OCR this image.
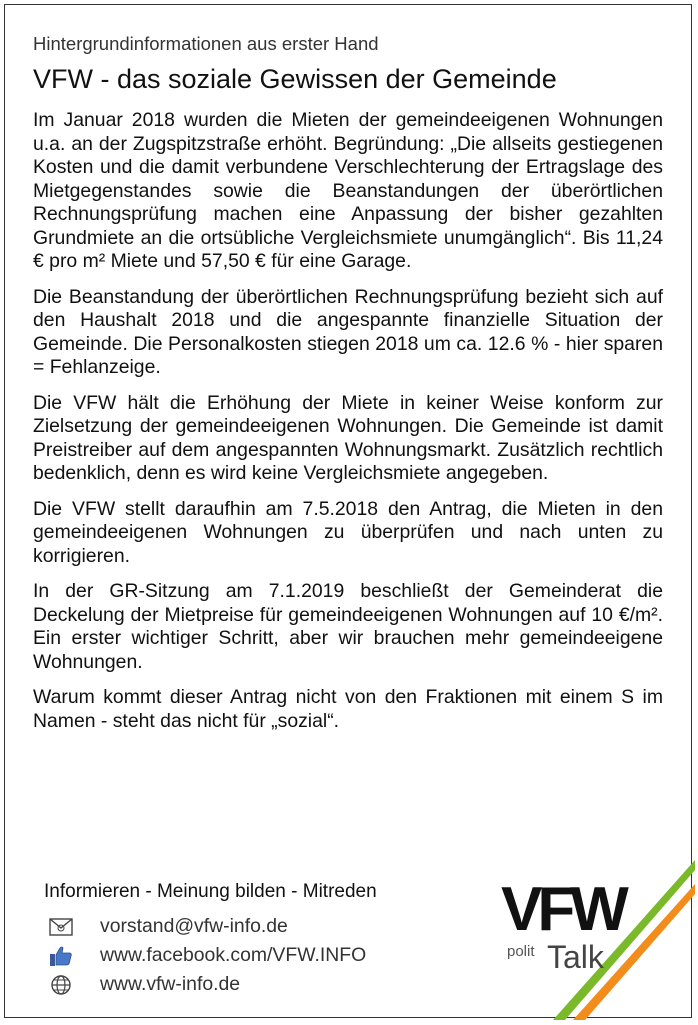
Hintergrundinformationen aus erster Hand

VFW - das soziale Gewissen der Gemeinde

Im Januar 2018 wurden die Mieten der gemeindeeigenen Wohnungen u.a. an der Zugspitzstraße erhöht. Begründung: „Die allseits gestiegenen Kosten und die damit verbundene Verschlechterung der Ertragslage des Mietgegenstandes sowie die Beanstandungen der überörtlichen Rechnungsprüfung machen eine Anpassung der bisher gezahlten Grundmiete an die ortsübliche Vergleichsmiete unumgänglich“. Bis 11,24 € pro m² Miete und 57,50 € für eine Garage.

Die Beanstandung der überörtlichen Rechnungsprüfung bezieht sich auf den Haushalt 2018 und die angespannte finanzielle Situation der Gemeinde. Die Personalkosten stiegen 2018 um ca. 12.6 % - hier sparen = Fehlanzeige.

Die VFW hält die Erhöhung der Miete in keiner Weise konform zur Zielsetzung der gemeindeeigenen Wohnungen. Die Gemeinde ist damit Preistreiber auf dem angespannten Wohnungsmarkt. Zusätzlich rechtlich bedenklich, denn es wird keine Vergleichsmiete angegeben.

Die VFW stellt daraufhin am 7.5.2018 den Antrag, die Mieten in den gemeindeeigenen Wohnungen zu überprüfen und nach unten zu korrigieren.

In der GR-Sitzung am 7.1.2019 beschließt der Gemeinderat die Deckelung der Mietpreise für gemeindeeigenen Wohnungen auf 10 €/m². Ein erster wichtiger Schritt, aber wir brauchen mehr gemeindeeigene Wohnungen.

Warum kommt dieser Antrag nicht von den Fraktionen mit einem S im Namen - steht das nicht für „sozial“.

Informieren - Meinung bilden - Mitreden

vorstand@vfw-info.de
www.facebook.com/VFW.INFO
www.vfw-info.de
VFW
polit Talk
